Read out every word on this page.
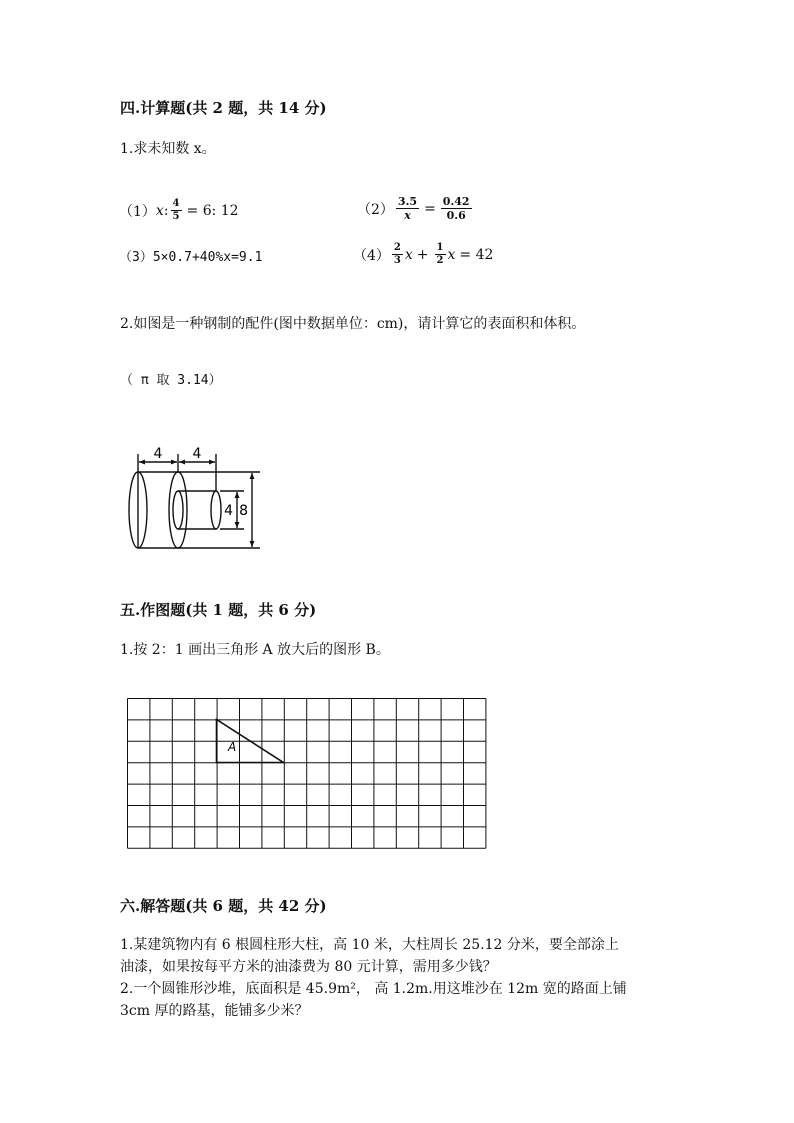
四.计算题(共 2 题，共 14 分)
1.求未知数 x。
（1） x : $\frac{4}{5} = 6$: 12	$(2) \frac{3.5}{x} = \frac{0.42}{0.6}$
（3）5×0.7+40%x=9.1	$(4) \frac{2}{3}$ $x + \frac{1}{2}$ x = 42
2.如图是一种钢制的配件(图中数据单位：cm)，请计算它的表面积和体积。
（ π 取 3.14）
4 4
4 8
五.作图题(共 1 题，共 6 分)
1.按 2：1 画出三角形 A 放大后的图形 B。
A
六.解答题(共 6 题，共 42 分)
1.某建筑物内有 6 根圆柱形大柱，高 10 米，大柱周长 25.12 分米，要全部涂上
油漆，如果按每平方米的油漆费为 80 元计算，需用多少钱？
2.一个圆锥形沙堆，底面积是 45.9m²， 高 1.2m.用这堆沙在 12m 宽的路面上铺
3cm 厚的路基，能铺多少米？
